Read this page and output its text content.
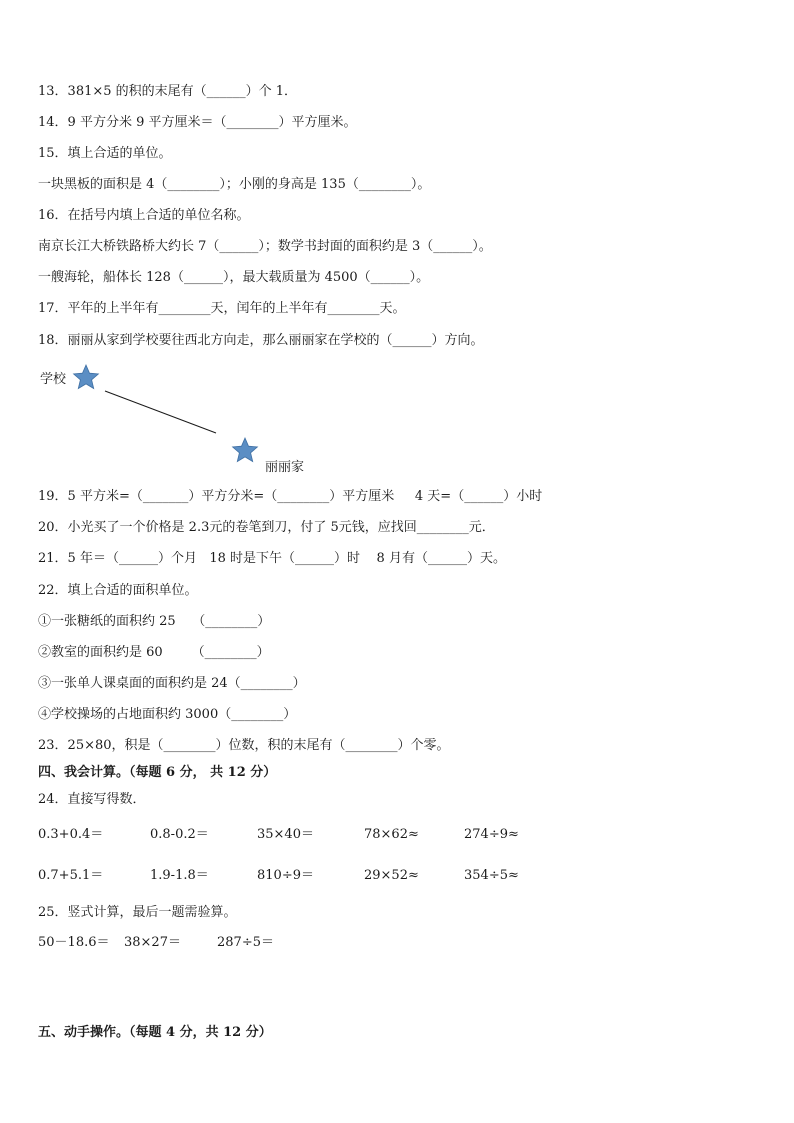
13．381×5 的积的末尾有（______）个 1．
14．9 平方分米 9 平方厘米＝（________）平方厘米。
15．填上合适的单位。
一块黑板的面积是 4（________）；小刚的身高是 135（________）。
16．在括号内填上合适的单位名称。
南京长江大桥铁路桥大约长 7（______）；数学书封面的面积约是 3（______）。
一艘海轮，船体长 128（______），最大载质量为 4500（______）。
17．平年的上半年有________天，闰年的上半年有________天。
18．丽丽从家到学校要往西北方向走，那么丽丽家在学校的（______）方向。
学校
丽丽家
19．5 平方米=（_______）平方分米=（________）平方厘米     4 天=（______）小时
20．小光买了一个价格是 2.3元的卷笔到刀，付了 5元钱，应找回________元．
21．5 年＝（______）个月   18 时是下午（______）时    8 月有（______）天。
22．填上合适的面积单位。
①一张糖纸的面积约 25    （________）
②教室的面积约是 60       （________）
③一张单人课桌面的面积约是 24（________）
④学校操场的占地面积约 3000（________）
23．25×80，积是（________）位数，积的末尾有（________）个零。
四、我会计算。（每题 6 分， 共 12 分）
24．直接写得数．
0.3+0.4＝	0.8-0.2＝	35×40＝	78×62≈	274÷9≈
0.7+5.1＝	1.9-1.8＝	810÷9＝	29×52≈	354÷5≈
25．竖式计算，最后一题需验算。
50－18.6＝ 38×27＝	287÷5＝
五、动手操作。（每题 4 分，共 12 分）
